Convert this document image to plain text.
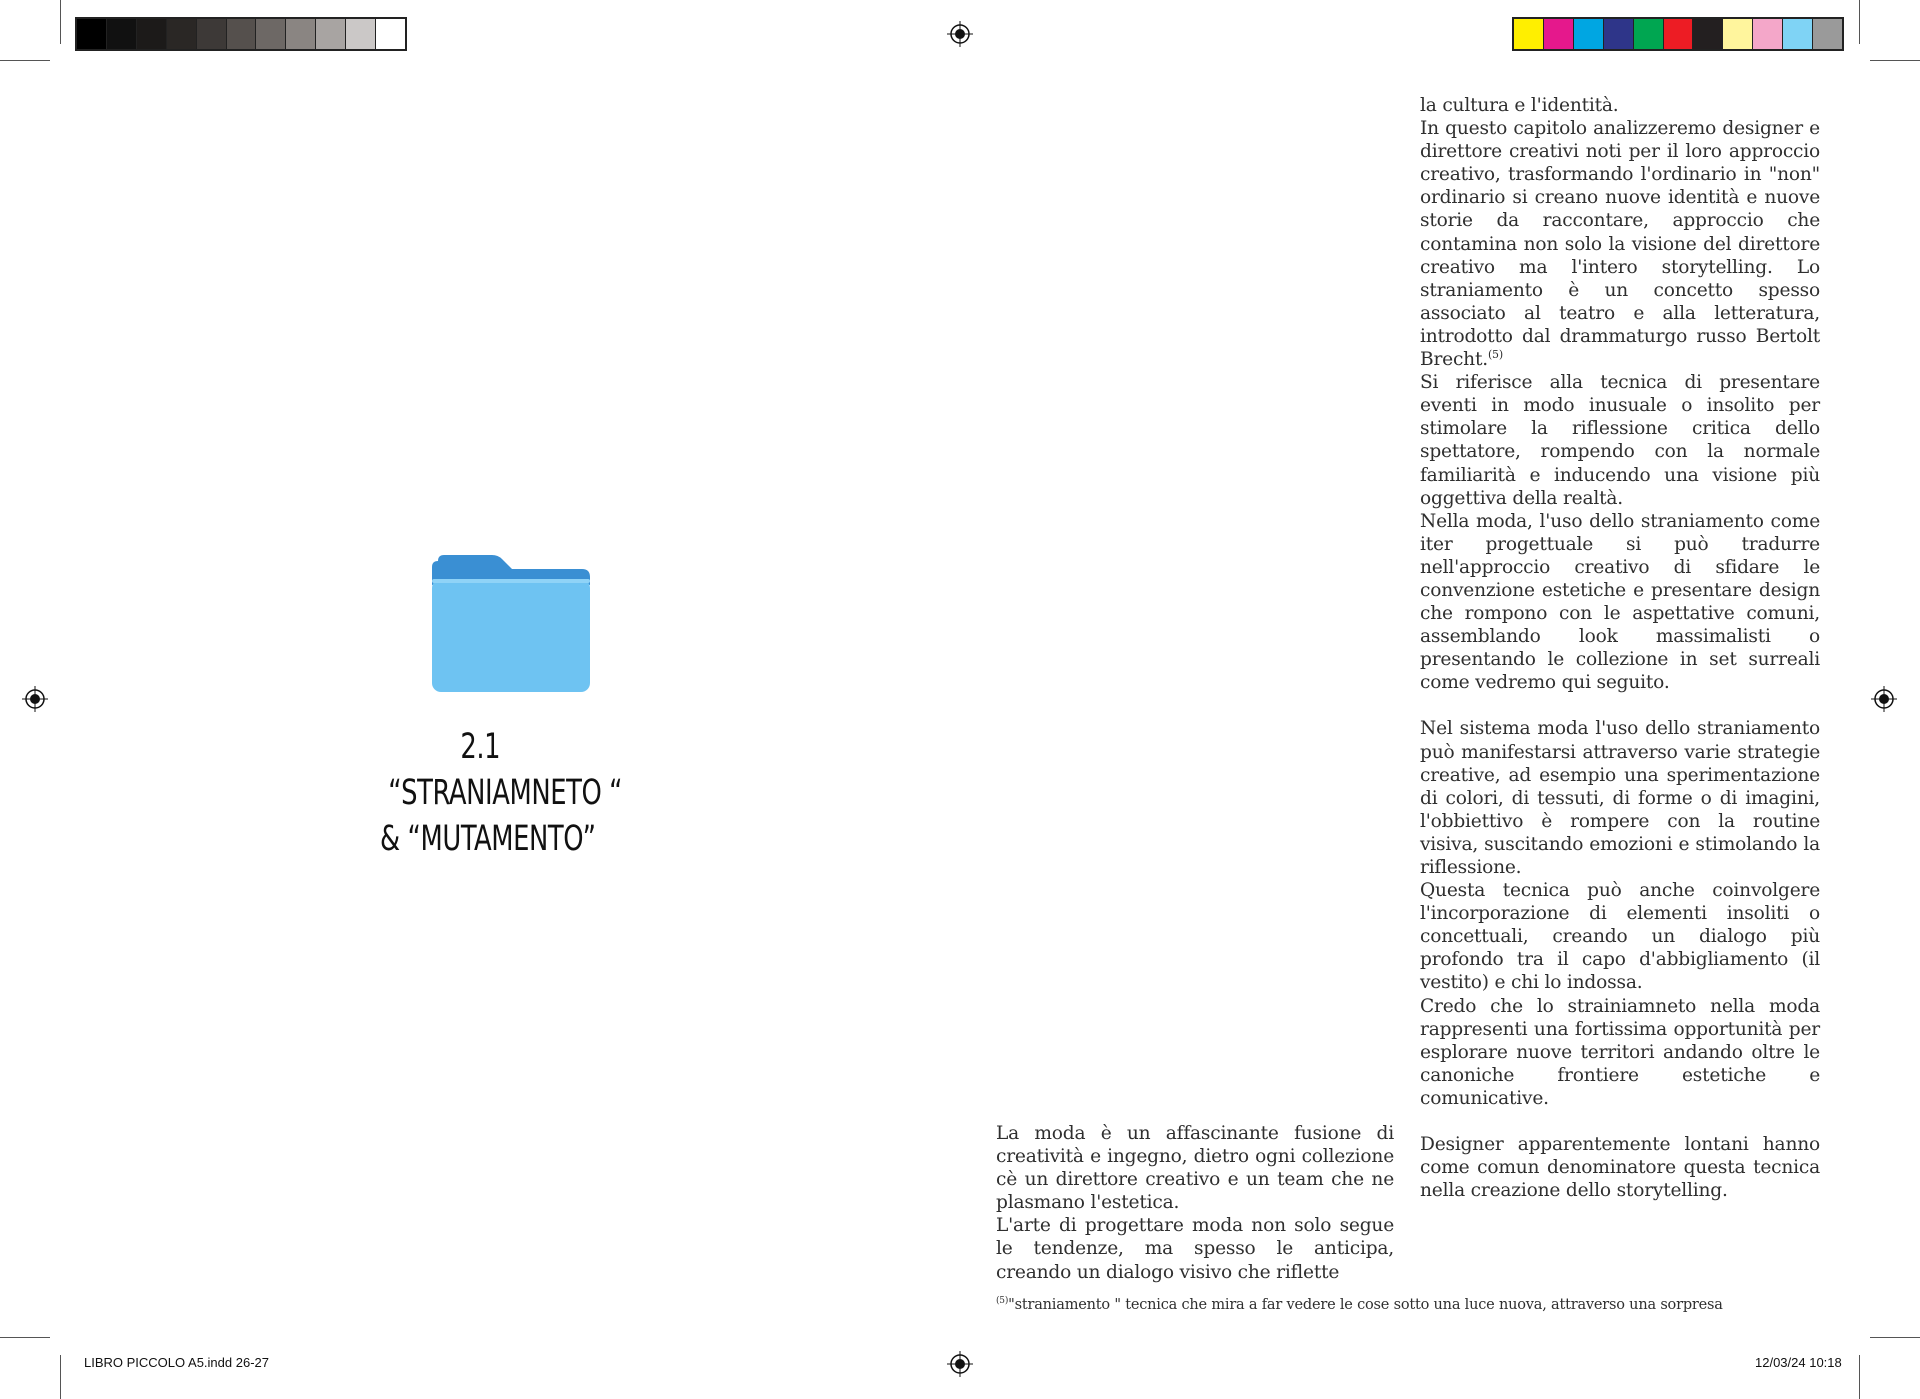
2.1
“STRANIAMNETO “
& “MUTAMENTO”

la cultura e l'identità.

In questo capitolo analizzeremo designer e direttore creativi noti per il loro approccio creativo, trasformando l'ordinario in "non" ordinario si creano nuove identità e nuove storie da raccontare, approccio che contamina non solo la visione del direttore creativo ma l'intero storytelling. Lo straniamento è un concetto spesso associato al teatro e alla letteratura, introdotto dal drammaturgo russo Bertolt Brecht.$^{(5)}$

Si riferisce alla tecnica di presentare eventi in modo inusuale o insolito per stimolare la riflessione critica dello spettatore, rompendo con la normale familiarità e inducendo una visione più oggettiva della realtà.

Nella moda, l'uso dello straniamento come iter progettuale si può tradurre nell'approccio creativo di sfidare le convenzione estetiche e presentare design che rompono con le aspettative comuni, assemblando look massimalisti o presentando le collezione in set surreali come vedremo qui seguito.

Nel sistema moda l'uso dello straniamento può manifestarsi attraverso varie strategie creative, ad esempio una sperimentazione di colori, di tessuti, di forme o di imagini, l'obbiettivo è rompere con la routine visiva, suscitando emozioni e stimolando la riflessione.

Questa tecnica può anche coinvolgere l'incorporazione di elementi insoliti o concettuali, creando un dialogo più profondo tra il capo d'abbigliamento (il vestito) e chi lo indossa.

Credo che lo strainiamneto nella moda rappresenti una fortissima opportunità per esplorare nuove territori andando oltre le canoniche frontiere estetiche e comunicative.

Designer apparentemente lontani hanno come comun denominatore questa tecnica nella creazione dello storytelling.

La moda è un affascinante fusione di creatività e ingegno, dietro ogni collezione cè un direttore creativo e un team che ne plasmano l'estetica.

L'arte di progettare moda non solo segue le tendenze, ma spesso le anticipa, creando un dialogo visivo che riflette

$^{(5)}$"straniamento " tecnica che mira a far vedere le cose sotto una luce nuova, attraverso una sorpresa
LIBRO PICCOLO A5.indd 26-27	12/03/24 10:18
